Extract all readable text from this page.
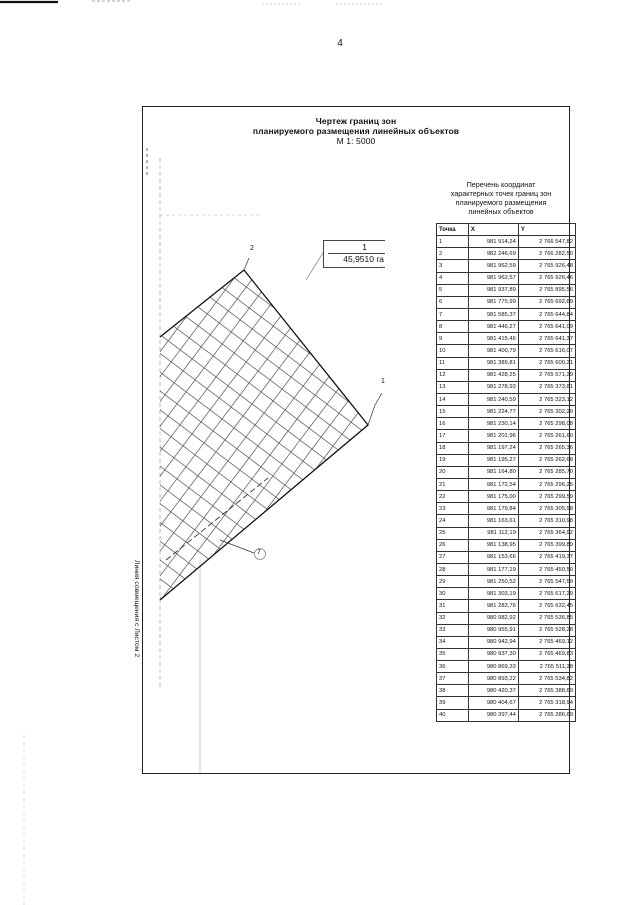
4
Чертеж границ зон
планируемого размещения линейных объектов
М 1: 5000
1
45,9510 га
2
1
7
Линия совмещения с Листом 2
Перечень координат
характерных точек границ зон
планируемого размещения
линейных объектов
Точка	X	Y
1	981 914,24	2 766 547,82
2	982 246,69	2 766 282,50
3	981 962,59	2 765 926,48
4	981 962,57	2 765 926,46
5	981 937,89	2 765 895,56
6	981 775,99	2 765 692,69
7	981 585,37	2 765 644,84
8	981 446,27	2 765 641,09
9	981 415,46	2 765 641,37
10	981 400,79	2 765 616,07
11	981 389,81	2 765 600,21
12	981 428,25	2 765 571,29
13	981 278,93	2 765 373,81
14	981 240,59	2 765 323,12
15	981 224,77	2 765 302,20
16	981 230,14	2 765 298,08
17	981 201,96	2 765 261,60
18	981 197,24	2 765 265,36
19	981 195,27	2 765 262,68
20	981 164,80	2 765 285,70
21	981 172,54	2 765 296,25
22	981 175,00	2 765 299,59
23	981 179,84	2 765 305,98
24	981 163,61	2 765 310,98
25	981 112,19	2 765 364,92
26	981 138,95	2 765 399,89
27	981 153,66	2 765 419,37
28	981 177,19	2 765 450,50
29	981 250,52	2 765 547,59
30	981 303,19	2 765 617,29
31	981 283,76	2 765 632,45
32	980 982,92	2 765 536,85
33	980 955,91	2 765 528,28
34	980 942,94	2 765 469,12
35	980 937,30	2 765 469,83
36	980 869,33	2 765 511,38
37	980 893,22	2 765 534,82
38	980 420,37	2 765 388,69
39	980 404,67	2 765 318,94
40	980 397,44	2 765 286,69
